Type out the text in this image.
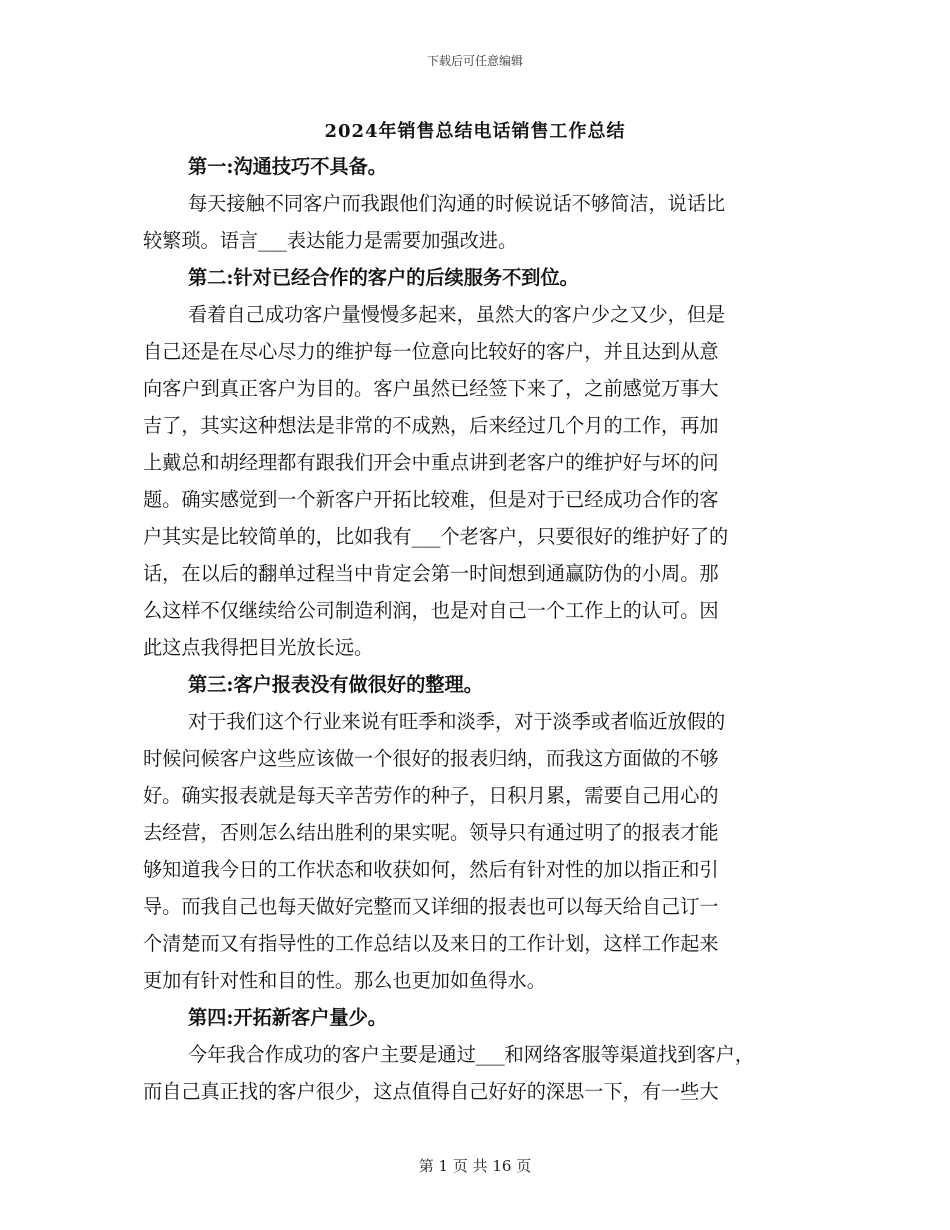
下载后可任意编辑
2024年销售总结电话销售工作总结
第一:沟通技巧不具备。
每天接触不同客户而我跟他们沟通的时候说话不够简洁，说话比
较繁琐。语言___表达能力是需要加强改进。
第二:针对已经合作的客户的后续服务不到位。
看着自己成功客户量慢慢多起来，虽然大的客户少之又少，但是
自己还是在尽心尽力的维护每一位意向比较好的客户，并且达到从意
向客户到真正客户为目的。客户虽然已经签下来了，之前感觉万事大
吉了，其实这种想法是非常的不成熟，后来经过几个月的工作，再加
上戴总和胡经理都有跟我们开会中重点讲到老客户的维护好与坏的问
题。确实感觉到一个新客户开拓比较难，但是对于已经成功合作的客
户其实是比较简单的，比如我有___个老客户，只要很好的维护好了的
话，在以后的翻单过程当中肯定会第一时间想到通赢防伪的小周。那
么这样不仅继续给公司制造利润，也是对自己一个工作上的认可。因
此这点我得把目光放长远。
第三:客户报表没有做很好的整理。
对于我们这个行业来说有旺季和淡季，对于淡季或者临近放假的
时候问候客户这些应该做一个很好的报表归纳，而我这方面做的不够
好。确实报表就是每天辛苦劳作的种子，日积月累，需要自己用心的
去经营，否则怎么结出胜利的果实呢。领导只有通过明了的报表才能
够知道我今日的工作状态和收获如何，然后有针对性的加以指正和引
导。而我自己也每天做好完整而又详细的报表也可以每天给自己订一
个清楚而又有指导性的工作总结以及来日的工作计划，这样工作起来
更加有针对性和目的性。那么也更加如鱼得水。
第四:开拓新客户量少。
今年我合作成功的客户主要是通过___和网络客服等渠道找到客户，
而自己真正找的客户很少，这点值得自己好好的深思一下，有一些大
第 1 页 共 16 页
